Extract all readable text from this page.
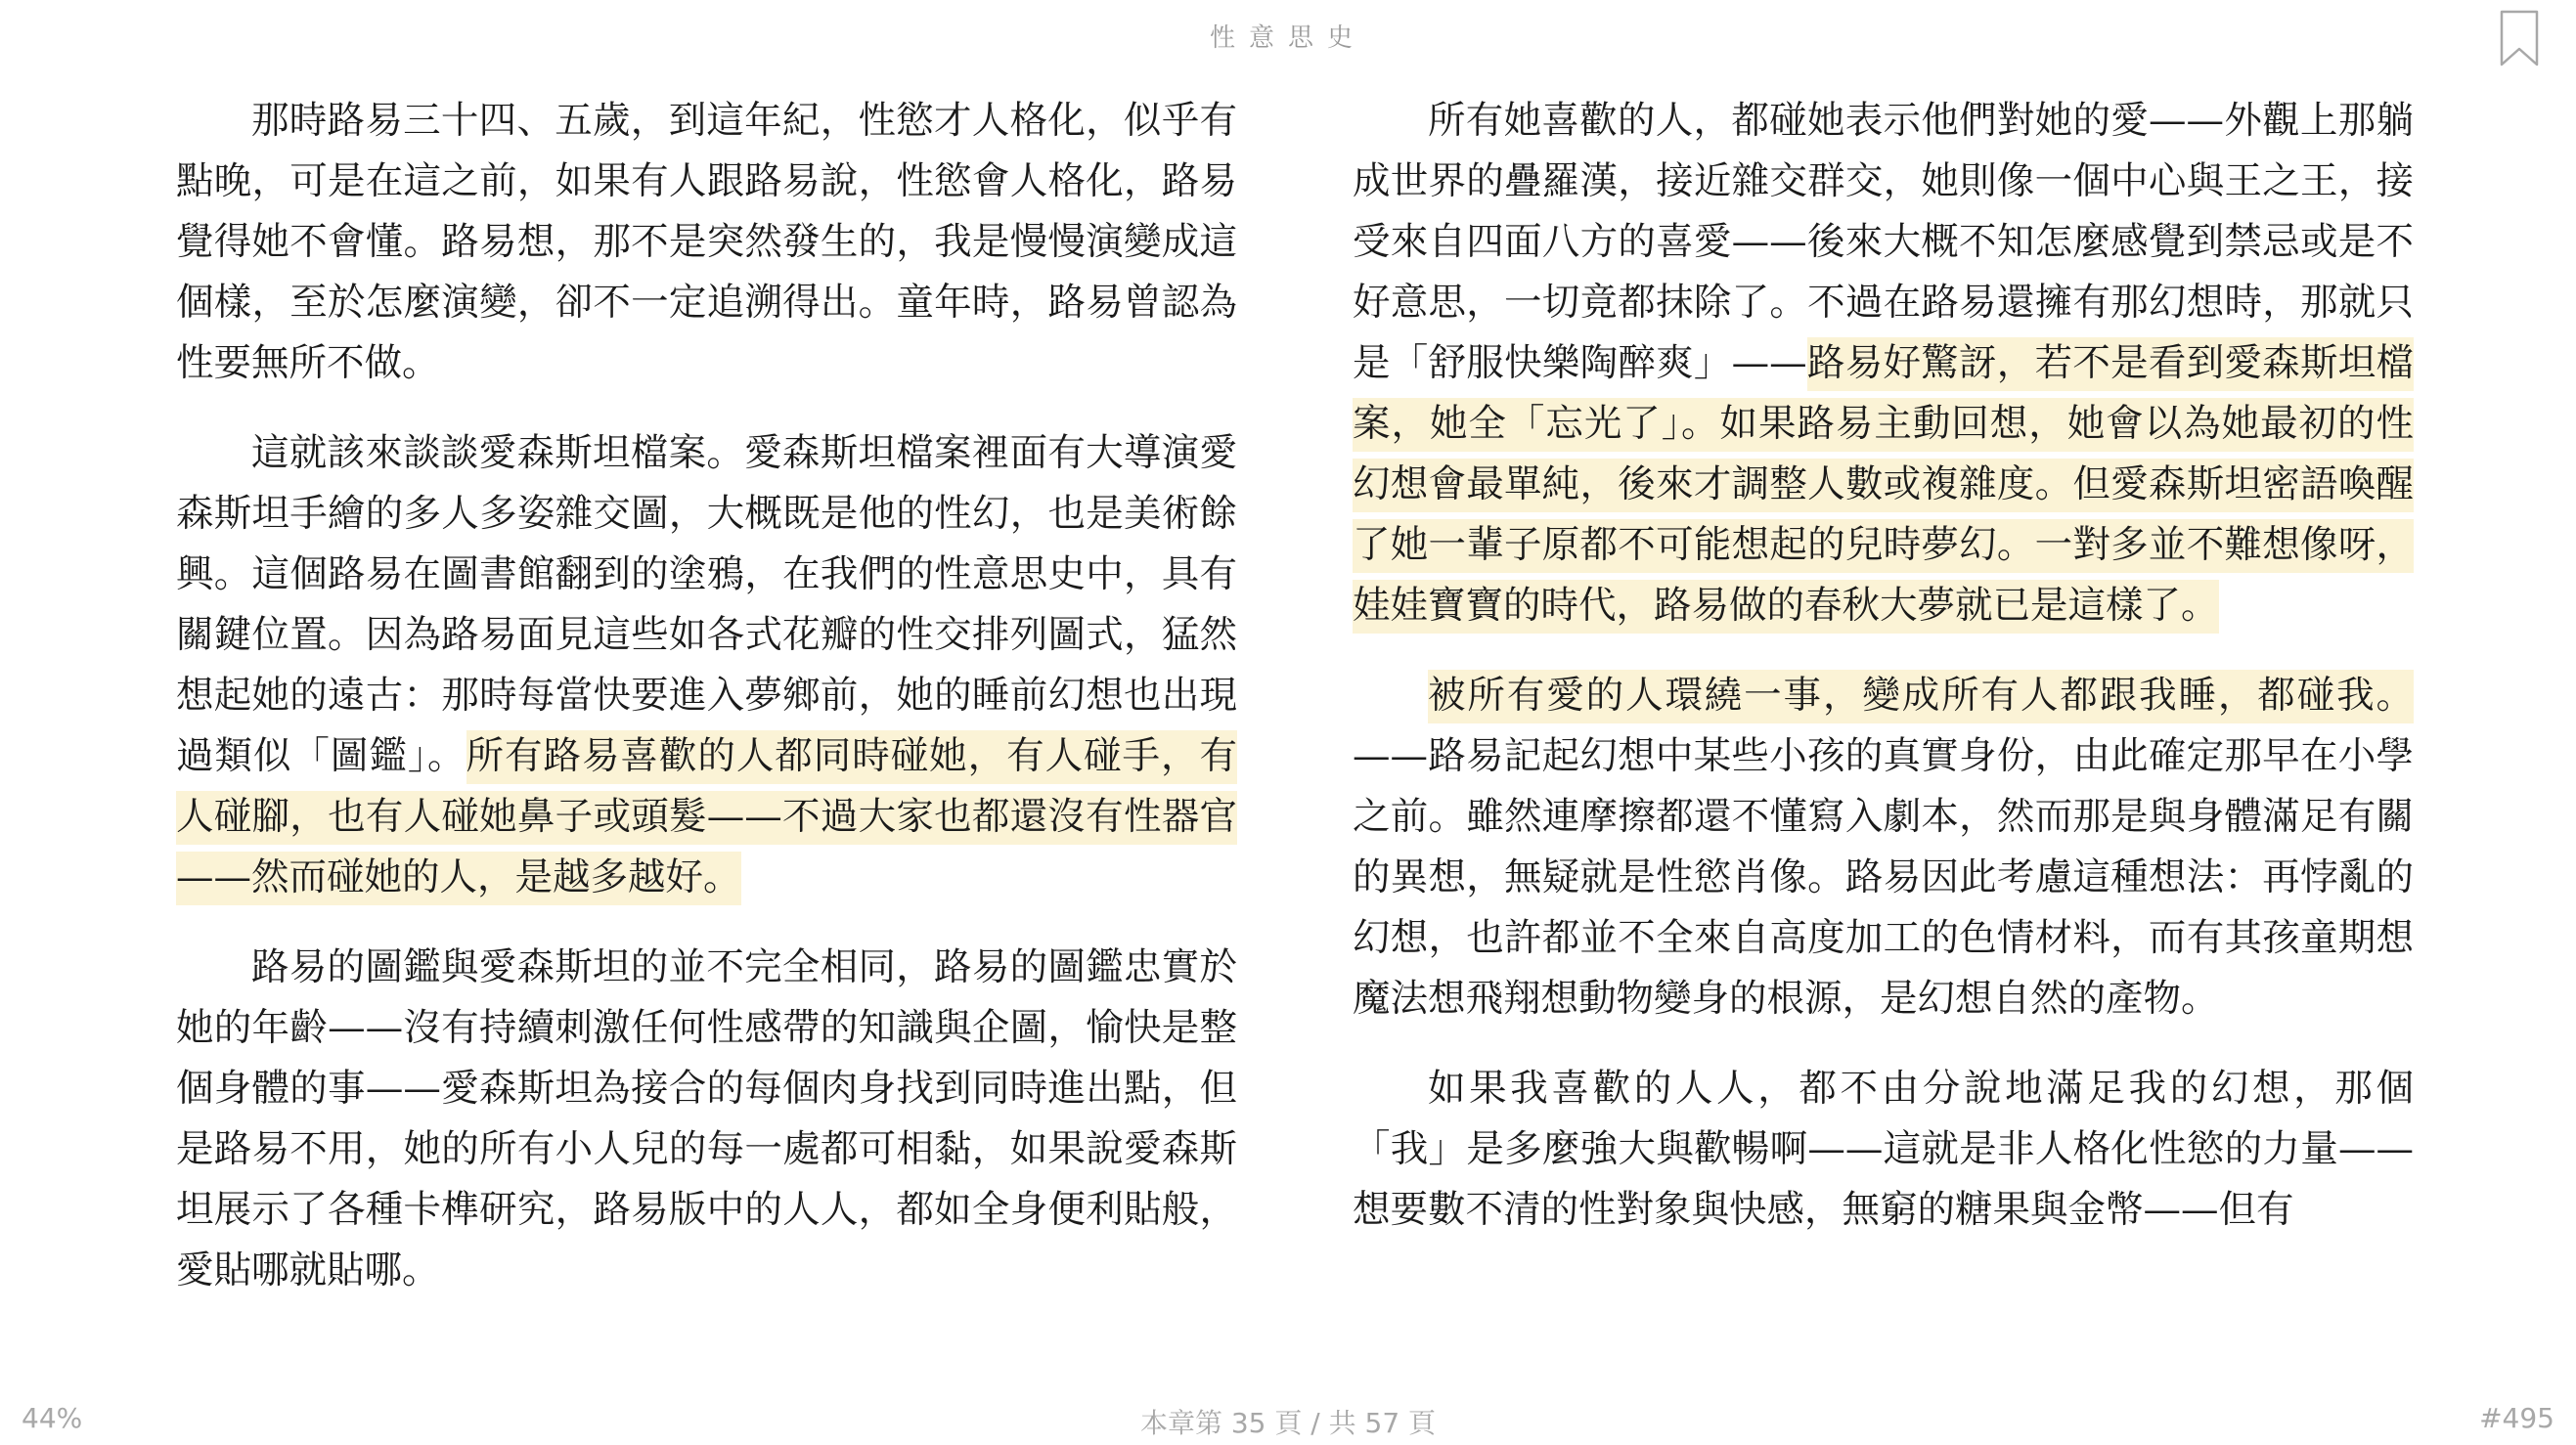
性意思史

那時路易三十四、五歲，到這年紀，性慾才人格化，似乎有點晚，可是在這之前，如果有人跟路易說，性慾會人格化，路易覺得她不會懂。路易想，那不是突然發生的，我是慢慢演變成這個樣，至於怎麼演變，卻不一定追溯得出。童年時，路易曾認為性要無所不做。

這就該來談談愛森斯坦檔案。愛森斯坦檔案裡面有大導演愛森斯坦手繪的多人多姿雜交圖，大概既是他的性幻，也是美術餘興。這個路易在圖書館翻到的塗鴉，在我們的性意思史中，具有關鍵位置。因為路易面見這些如各式花瓣的性交排列圖式，猛然想起她的遠古：那時每當快要進入夢鄉前，她的睡前幻想也出現過類似「圖鑑」。所有路易喜歡的人都同時碰她，有人碰手，有人碰腳，也有人碰她鼻子或頭髮——不過大家也都還沒有性器官——然而碰她的人，是越多越好。

路易的圖鑑與愛森斯坦的並不完全相同，路易的圖鑑忠實於她的年齡——沒有持續刺激任何性感帶的知識與企圖，愉快是整個身體的事——愛森斯坦為接合的每個肉身找到同時進出點，但是路易不用，她的所有小人兒的每一處都可相黏，如果說愛森斯坦展示了各種卡榫研究，路易版中的人人，都如全身便利貼般，愛貼哪就貼哪。

所有她喜歡的人，都碰她表示他們對她的愛——外觀上那躺成世界的疊羅漢，接近雜交群交，她則像一個中心與王之王，接受來自四面八方的喜愛——後來大概不知怎麼感覺到禁忌或是不好意思，一切竟都抹除了。不過在路易還擁有那幻想時，那就只是「舒服快樂陶醉爽」——路易好驚訝，若不是看到愛森斯坦檔案，她全「忘光了」。如果路易主動回想，她會以為她最初的性幻想會最單純，後來才調整人數或複雜度。但愛森斯坦密語喚醒了她一輩子原都不可能想起的兒時夢幻。一對多並不難想像呀，娃娃寶寶的時代，路易做的春秋大夢就已是這樣了。

被所有愛的人環繞一事，變成所有人都跟我睡，都碰我。——路易記起幻想中某些小孩的真實身份，由此確定那早在小學之前。雖然連摩擦都還不懂寫入劇本，然而那是與身體滿足有關的異想，無疑就是性慾肖像。路易因此考慮這種想法：再悖亂的幻想，也許都並不全來自高度加工的色情材料，而有其孩童期想魔法想飛翔想動物變身的根源，是幻想自然的產物。

如果我喜歡的人人，都不由分說地滿足我的幻想，那個「我」是多麼強大與歡暢啊——這就是非人格化性慾的力量——想要數不清的性對象與快感，無窮的糖果與金幣——但有

44%	本章第 35 頁 / 共 57 頁	#495
